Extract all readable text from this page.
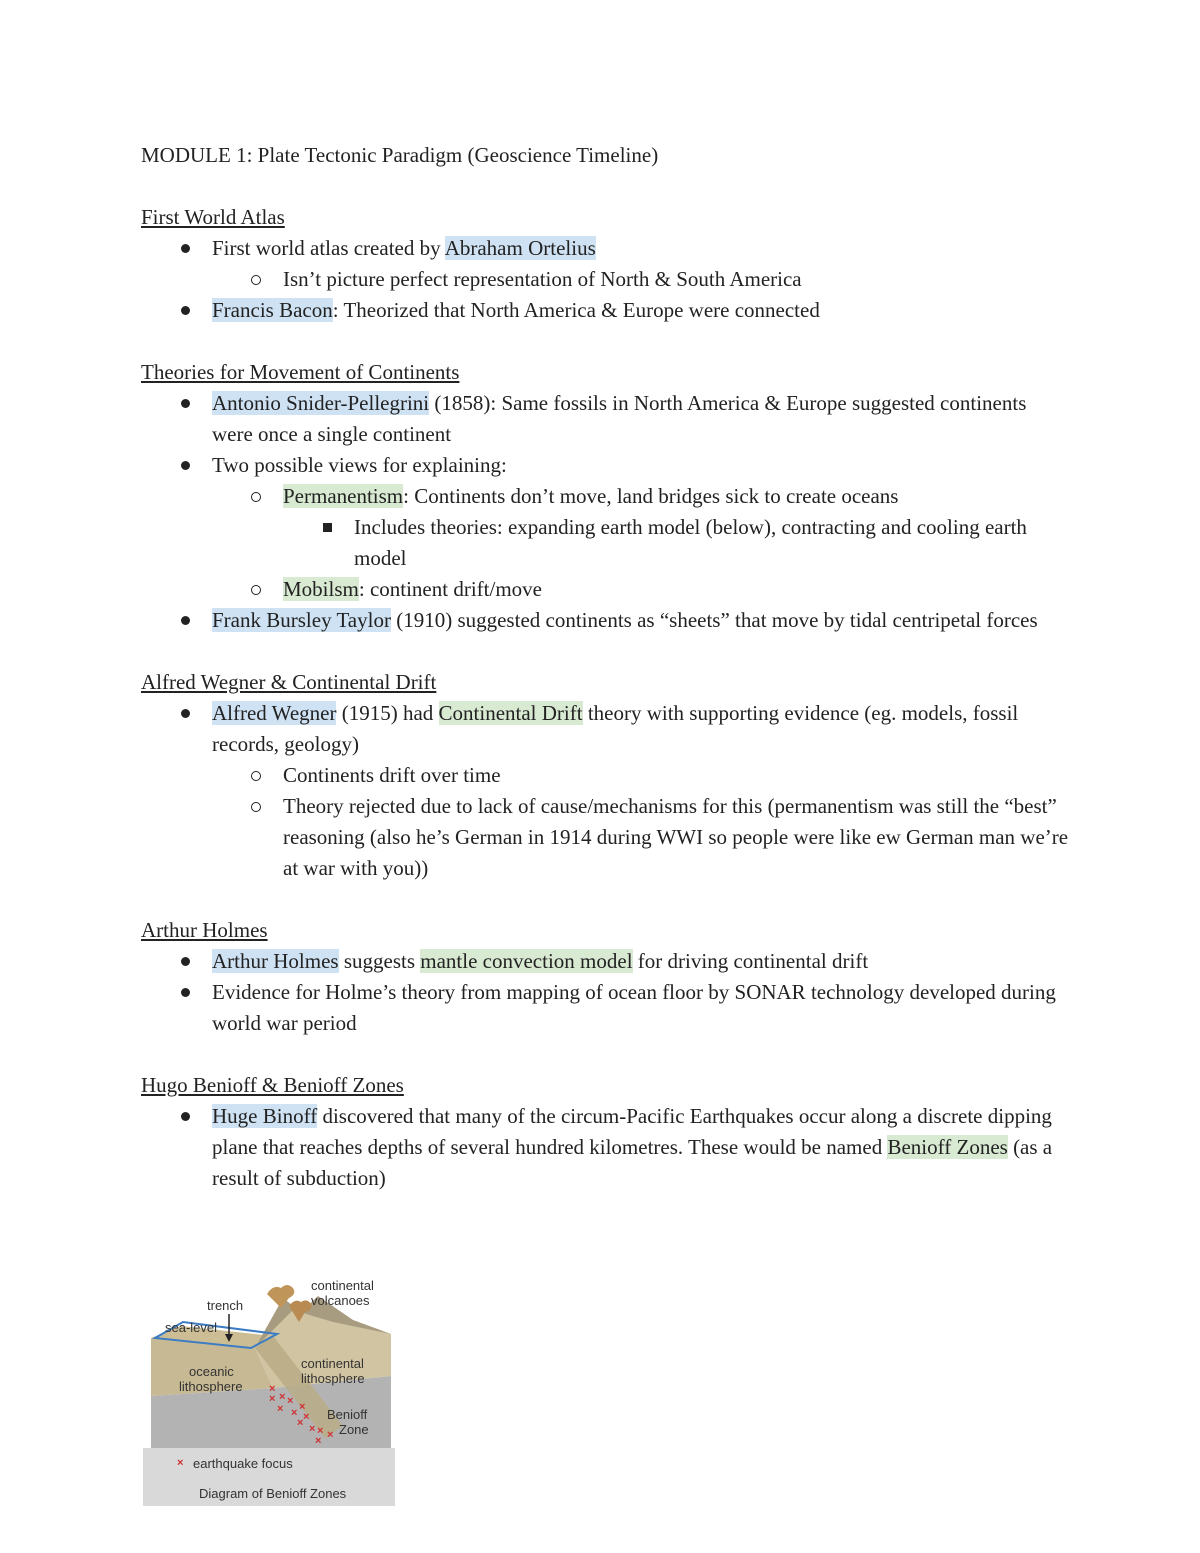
MODULE 1: Plate Tectonic Paradigm (Geoscience Timeline)

First World Atlas

First world atlas created by Abraham Ortelius
Isn’t picture perfect representation of North & South America
Francis Bacon: Theorized that North America & Europe were connected

Theories for Movement of Continents

Antonio Snider-Pellegrini (1858): Same fossils in North America & Europe suggested continents were once a single continent
Two possible views for explaining:
Permanentism: Continents don’t move, land bridges sick to create oceans
Includes theories: expanding earth model (below), contracting and cooling earth model
Mobilsm: continent drift/move
Frank Bursley Taylor (1910) suggested continents as “sheets” that move by tidal centripetal forces

Alfred Wegner & Continental Drift

Alfred Wegner (1915) had Continental Drift theory with supporting evidence (eg. models, fossil records, geology)
Continents drift over time
Theory rejected due to lack of cause/mechanisms for this (permanentism was still the “best” reasoning (also he’s German in 1914 during WWI so people were like ew German man we’re at war with you))

Arthur Holmes

Arthur Holmes suggests mantle convection model for driving continental drift
Evidence for Holme’s theory from mapping of ocean floor by SONAR technology developed during world war period

Hugo Benioff & Benioff Zones

Huge Binoff discovered that many of the circum-Pacific Earthquakes occur along a discrete dipping plane that reaches depths of several hundred kilometres. These would be named Benioff Zones (as a result of subduction)
×
× ×
×
× × ×
×
× × ×
× ×
×
continental
volcanoes
trench
sea-level
oceanic
lithosphere
continental
lithosphere
Benioff
Zone
earthquake focus
Diagram of Benioff Zones
